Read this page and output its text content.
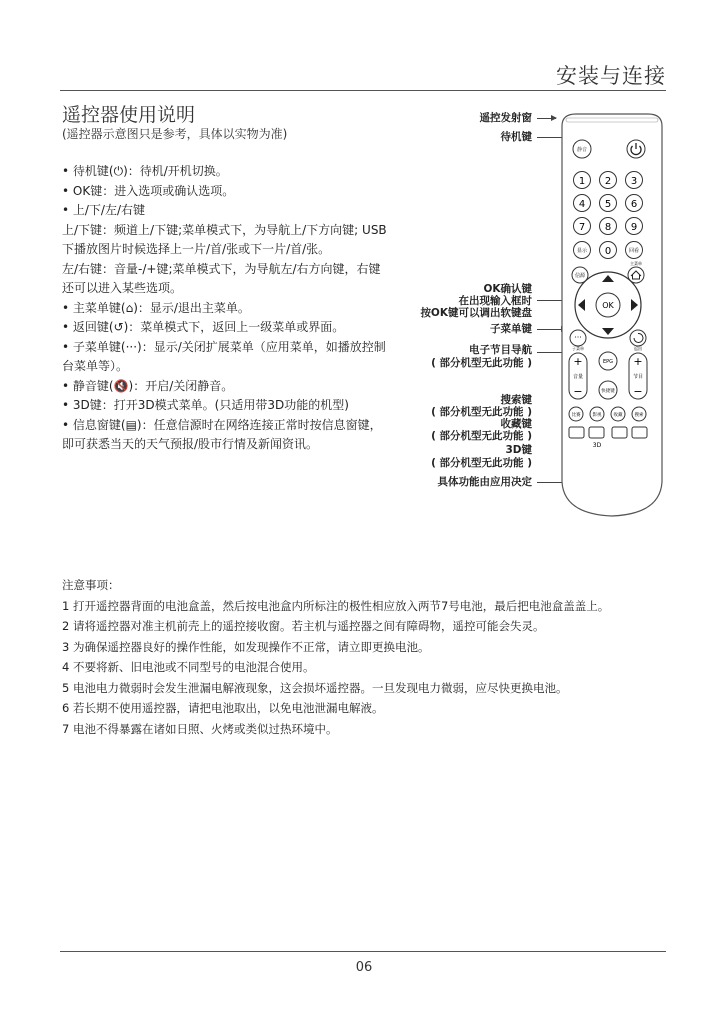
安装与连接
遥控器使用说明
(遥控器示意图只是参考，具体以实物为准)

• 待机键(⏻)：待机/开机切换。

• OK键：进入选项或确认选项。

• 上/下/左/右键

上/下键：频道上/下键;菜单模式下，为导航上/下方向键; USB下播放图片时候选择上一片/首/张或下一片/首/张。

左/右键：音量-/+键;菜单模式下，为导航左/右方向键，右键还可以进入某些选项。

• 主菜单键(⌂)：显示/退出主菜单。

• 返回键(↺)：菜单模式下，返回上一级菜单或界面。

• 子菜单键(···)：显示/关闭扩展菜单（应用菜单，如播放控制台菜单等）。

• 静音键(🔇)：开启/关闭静音。

• 3D键：打开3D模式菜单。(只适用带3D功能的机型)

• 信息窗键(▤)：任意信源时在网络连接正常时按信息窗键，即可获悉当天的天气预报/股市行情及新闻资讯。

遥控发射窗
待机键
OK确认键
在出现输入框时
按OK键可以调出软键盘
子菜单键
电子节目导航
( 部分机型无此功能 )
搜索键
( 部分机型无此功能 )
收藏键
( 部分机型无此功能 )
3D键
( 部分机型无此功能 )
具体功能由应用决定
静音
1 2 3
4 5 6
7 8 9
显示 0	回看
信源
主菜单
OK
···
子菜单	返回
+
音量
−
EPG
快捷键
+
节目
−
比赛	影视	收藏	搜索
3D

注意事项：

1 打开遥控器背面的电池盒盖，然后按电池盒内所标注的极性相应放入两节7号电池，最后把电池盒盖盖上。

2 请将遥控器对准主机前壳上的遥控接收窗。若主机与遥控器之间有障碍物，遥控可能会失灵。

3 为确保遥控器良好的操作性能，如发现操作不正常，请立即更换电池。

4 不要将新、旧电池或不同型号的电池混合使用。

5 电池电力微弱时会发生泄漏电解液现象，这会损坏遥控器。一旦发现电力微弱，应尽快更换电池。

6 若长期不使用遥控器，请把电池取出，以免电池泄漏电解液。

7 电池不得暴露在诸如日照、火烤或类似过热环境中。

06
